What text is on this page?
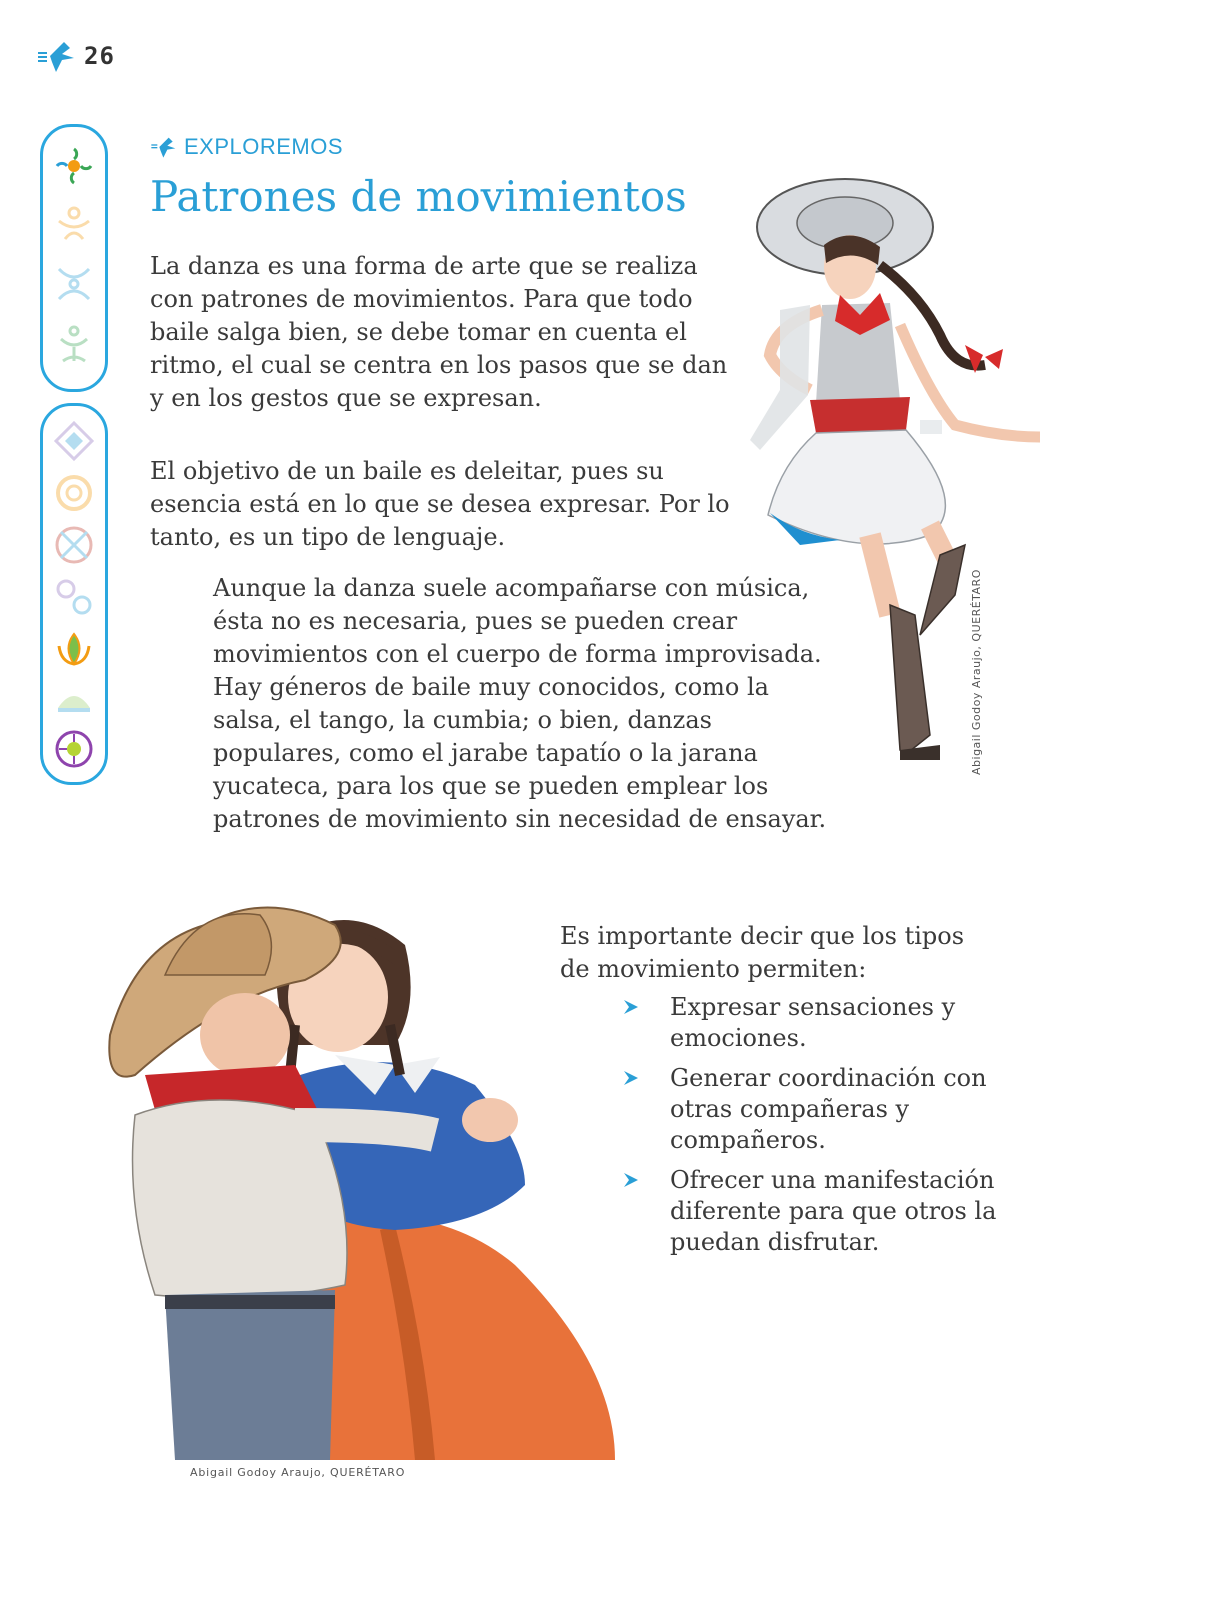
26
EXPLOREMOS
Patrones de movimientos

La danza es una forma de arte que se realiza con patrones de movimientos. Para que todo baile salga bien, se debe tomar en cuenta el ritmo, el cual se centra en los pasos que se dan y en los gestos que se expresan.

El objetivo de un baile es deleitar, pues su esencia está en lo que se desea expresar. Por lo tanto, es un tipo de lenguaje.

Aunque la danza suele acompañarse con música, ésta no es necesaria, pues se pueden crear movimientos con el cuerpo de forma improvisada. Hay géneros de baile muy conocidos, como la salsa, el tango, la cumbia; o bien, danzas populares, como el jarabe tapatío o la jarana yucateca, para los que se pueden emplear los patrones de movimiento sin necesidad de ensayar.

Es importante decir que los tipos de movimiento permiten:

Expresar sensaciones y emociones.
Generar coordinación con otras compañeras y compañeros.
Ofrecer una manifestación diferente para que otros la puedan disfrutar.
Abigail Godoy Araujo, QUERÉTARO
Abigail Godoy Araujo, QUERÉTARO
